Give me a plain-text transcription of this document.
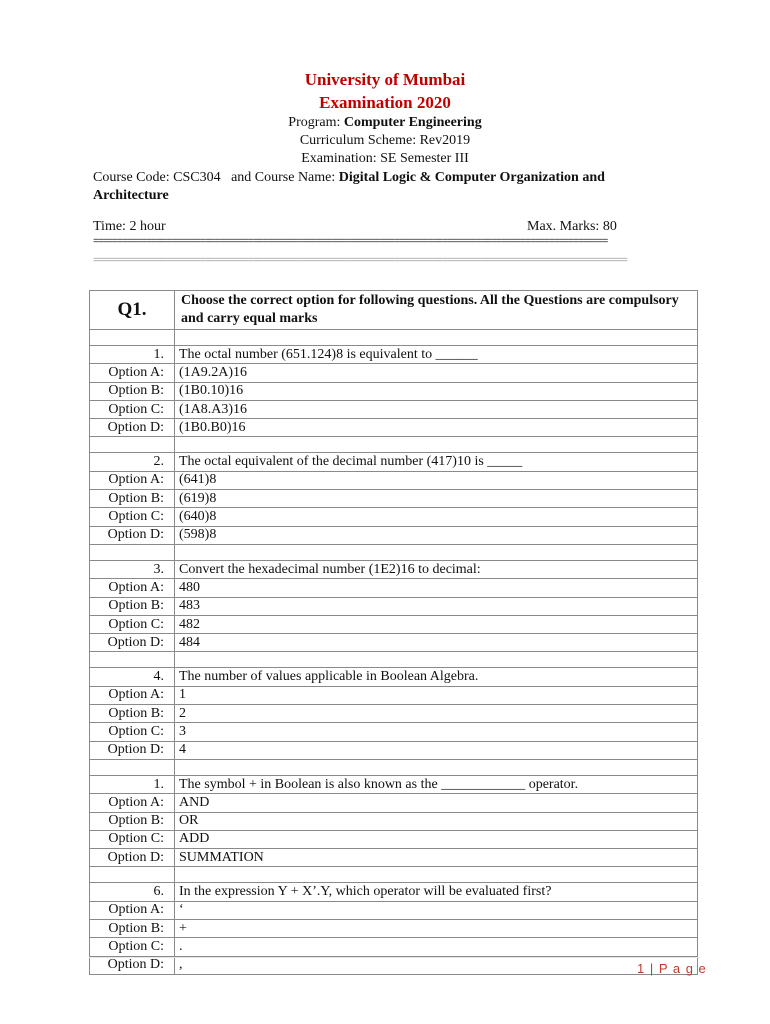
University of Mumbai
Examination 2020
Program: Computer Engineering
Curriculum Scheme: Rev2019
Examination: SE Semester III
Course Code: CSC304   and Course Name: Digital Logic & Computer Organization and Architecture
Time: 2 hour	Max. Marks: 80
==========================================================================================================
==============================================================================================================
Q1.	Choose the correct option for following questions. All the Questions are compulsory and carry equal marks

1.	The octal number (651.124)8 is equivalent to ______
Option A:	(1A9.2A)16
Option B:	(1B0.10)16
Option C:	(1A8.A3)16
Option D:	(1B0.B0)16

2.	The octal equivalent of the decimal number (417)10 is _____
Option A:	(641)8
Option B:	(619)8
Option C:	(640)8
Option D:	(598)8

3.	Convert the hexadecimal number (1E2)16 to decimal:
Option A:	480
Option B:	483
Option C:	482
Option D:	484

4.	The number of values applicable in Boolean Algebra.
Option A:	1
Option B:	2
Option C:	3
Option D:	4

1.	The symbol + in Boolean is also known as the ____________ operator.
Option A:	AND
Option B:	OR
Option C:	ADD
Option D:	SUMMATION

6.	In the expression Y + X’.Y, which operator will be evaluated first?
Option A:	‘
Option B:	+
Option C:	.
Option D:	,	1 | P a g e
